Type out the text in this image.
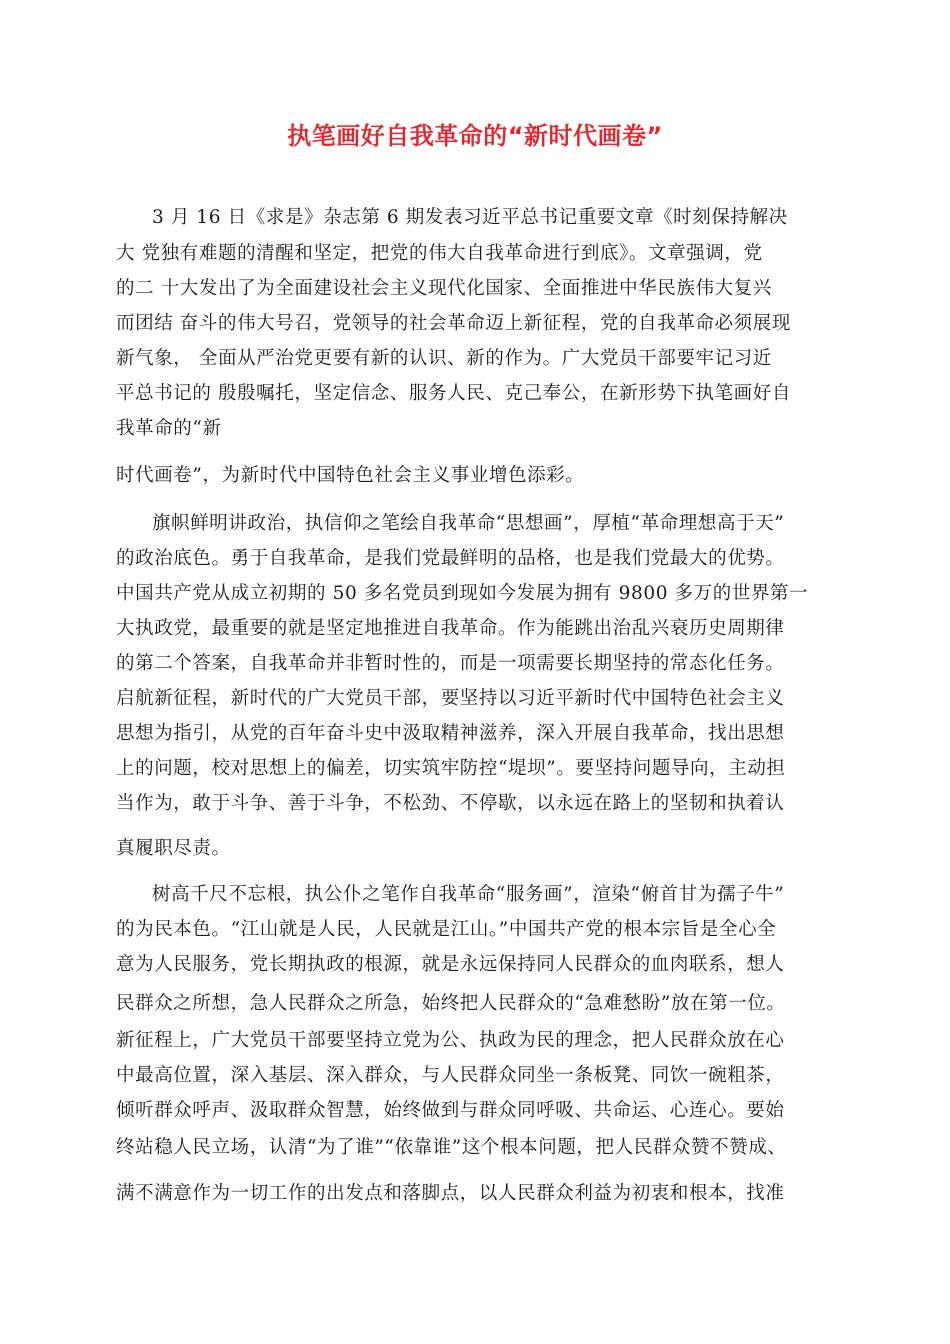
执笔画好自我革命的“新时代画卷”

3 月 16 日《求是》杂志第 6 期发表习近平总书记重要文章《时刻保持解决

大 党独有难题的清醒和坚定，把党的伟大自我革命进行到底》。文章强调，党

的二 十大发出了为全面建设社会主义现代化国家、全面推进中华民族伟大复兴

而团结 奋斗的伟大号召，党领导的社会革命迈上新征程，党的自我革命必须展现

新气象， 全面从严治党更要有新的认识、新的作为。广大党员干部要牢记习近

平总书记的 殷殷嘱托，坚定信念、服务人民、克己奉公，在新形势下执笔画好自

我革命的“新

时代画卷”，为新时代中国特色社会主义事业增色添彩。

旗帜鲜明讲政治，执信仰之笔绘自我革命“思想画”，厚植“革命理想高于天”

的政治底色。勇于自我革命，是我们党最鲜明的品格，也是我们党最大的优势。

中国共产党从成立初期的 50 多名党员到现如今发展为拥有 9800 多万的世界第一

大执政党，最重要的就是坚定地推进自我革命。作为能跳出治乱兴衰历史周期律

的第二个答案，自我革命并非暂时性的，而是一项需要长期坚持的常态化任务。

启航新征程，新时代的广大党员干部，要坚持以习近平新时代中国特色社会主义

思想为指引，从党的百年奋斗史中汲取精神滋养，深入开展自我革命，找出思想

上的问题，校对思想上的偏差，切实筑牢防控“堤坝”。要坚持问题导向，主动担

当作为，敢于斗争、善于斗争，不松劲、不停歇，以永远在路上的坚韧和执着认

真履职尽责。

树高千尺不忘根，执公仆之笔作自我革命“服务画”，渲染“俯首甘为孺子牛”

的为民本色。“江山就是人民，人民就是江山。”中国共产党的根本宗旨是全心全

意为人民服务，党长期执政的根源，就是永远保持同人民群众的血肉联系，想人

民群众之所想，急人民群众之所急，始终把人民群众的“急难愁盼”放在第一位。

新征程上，广大党员干部要坚持立党为公、执政为民的理念，把人民群众放在心

中最高位置，深入基层、深入群众，与人民群众同坐一条板凳、同饮一碗粗茶，

倾听群众呼声、汲取群众智慧，始终做到与群众同呼吸、共命运、心连心。要始

终站稳人民立场，认清“为了谁”“依靠谁”这个根本问题，把人民群众赞不赞成、

满不满意作为一切工作的出发点和落脚点，以人民群众利益为初衷和根本，找准
